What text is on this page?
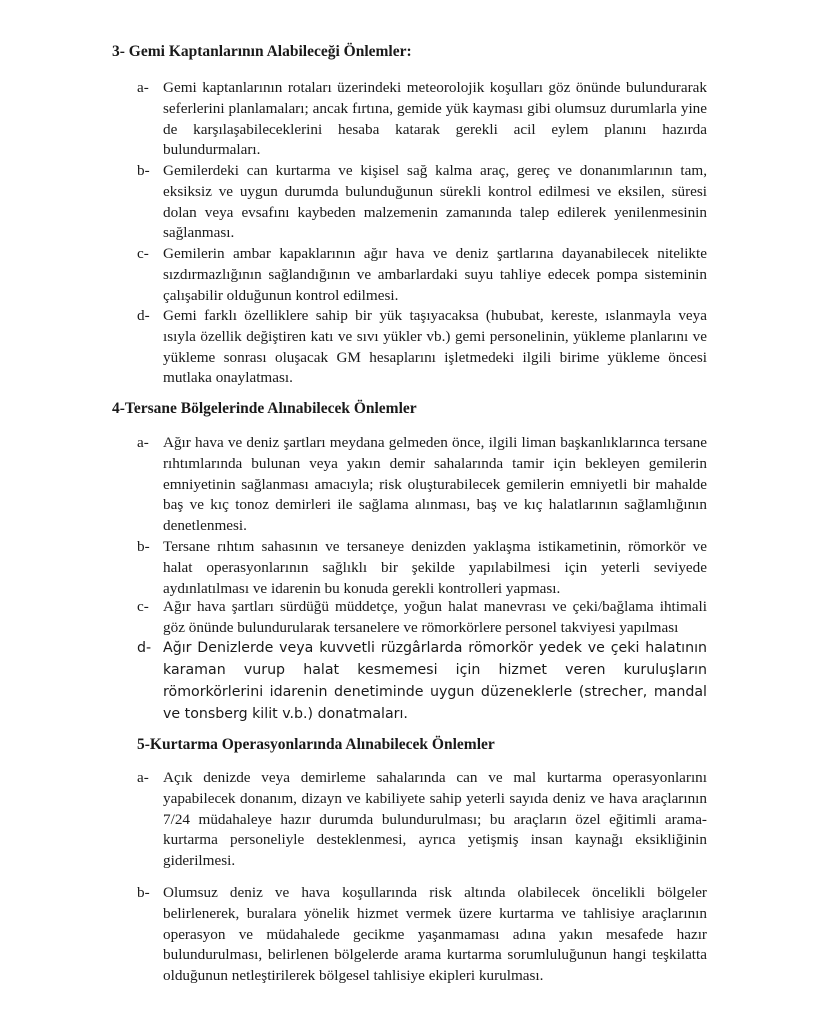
3- Gemi Kaptanlarının Alabileceği Önlemler:
a- Gemi kaptanlarının rotaları üzerindeki meteorolojik koşulları göz önünde bulundurarak seferlerini planlamaları; ancak fırtına, gemide yük kayması gibi olumsuz durumlarla yine de karşılaşabileceklerini hesaba katarak gerekli acil eylem planını hazırda bulundurmaları.
b- Gemilerdeki can kurtarma ve kişisel sağ kalma araç, gereç ve donanımlarının tam, eksiksiz ve uygun durumda bulunduğunun sürekli kontrol edilmesi ve eksilen, süresi dolan veya evsafını kaybeden malzemenin zamanında talep edilerek yenilenmesinin sağlanması.
c- Gemilerin ambar kapaklarının ağır hava ve deniz şartlarına dayanabilecek nitelikte sızdırmazlığının sağlandığının ve ambarlardaki suyu tahliye edecek pompa sisteminin çalışabilir olduğunun kontrol edilmesi.
d- Gemi farklı özelliklere sahip bir yük taşıyacaksa (hububat, kereste, ıslanmayla veya ısıyla özellik değiştiren katı ve sıvı yükler vb.) gemi personelinin, yükleme planlarını ve yükleme sonrası oluşacak GM hesaplarını işletmedeki ilgili birime yükleme öncesi mutlaka onaylatması.
4-Tersane Bölgelerinde Alınabilecek Önlemler
a- Ağır hava ve deniz şartları meydana gelmeden önce, ilgili liman başkanlıklarınca tersane rıhtımlarında bulunan veya yakın demir sahalarında tamir için bekleyen gemilerin emniyetinin sağlanması amacıyla; risk oluşturabilecek gemilerin emniyetli bir mahalde baş ve kıç tonoz demirleri ile sağlama alınması, baş ve kıç halatlarının sağlamlığının denetlenmesi.
b- Tersane rıhtım sahasının ve tersaneye denizden yaklaşma istikametinin, römorkör ve halat operasyonlarının sağlıklı bir şekilde yapılabilmesi için yeterli seviyede aydınlatılması ve idarenin bu konuda gerekli kontrolleri yapması.
c- Ağır hava şartları sürdüğü müddetçe, yoğun halat manevrası ve çeki/bağlama ihtimali göz önünde bulundurularak tersanelere ve römorkörlere personel takviyesi yapılması
d- Ağır Denizlerde veya kuvvetli rüzgârlarda römorkör yedek ve çeki halatının karaman vurup halat kesmemesi için hizmet veren kuruluşların römorkörlerini idarenin denetiminde uygun düzeneklerle (strecher, mandal ve tonsberg kilit v.b.) donatmaları.
5-Kurtarma Operasyonlarında Alınabilecek Önlemler
a- Açık denizde veya demirleme sahalarında can ve mal kurtarma operasyonlarını yapabilecek donanım, dizayn ve kabiliyete sahip yeterli sayıda deniz ve hava araçlarının 7/24 müdahaleye hazır durumda bulundurulması; bu araçların özel eğitimli arama-kurtarma personeliyle desteklenmesi, ayrıca yetişmiş insan kaynağı eksikliğinin giderilmesi.
b- Olumsuz deniz ve hava koşullarında risk altında olabilecek öncelikli bölgeler belirlenerek, buralara yönelik hizmet vermek üzere kurtarma ve tahlisiye araçlarının operasyon ve müdahalede gecikme yaşanmaması adına yakın mesafede hazır bulundurulması, belirlenen bölgelerde arama kurtarma sorumluluğunun hangi teşkilatta olduğunun netleştirilerek bölgesel tahlisiye ekipleri kurulması.
